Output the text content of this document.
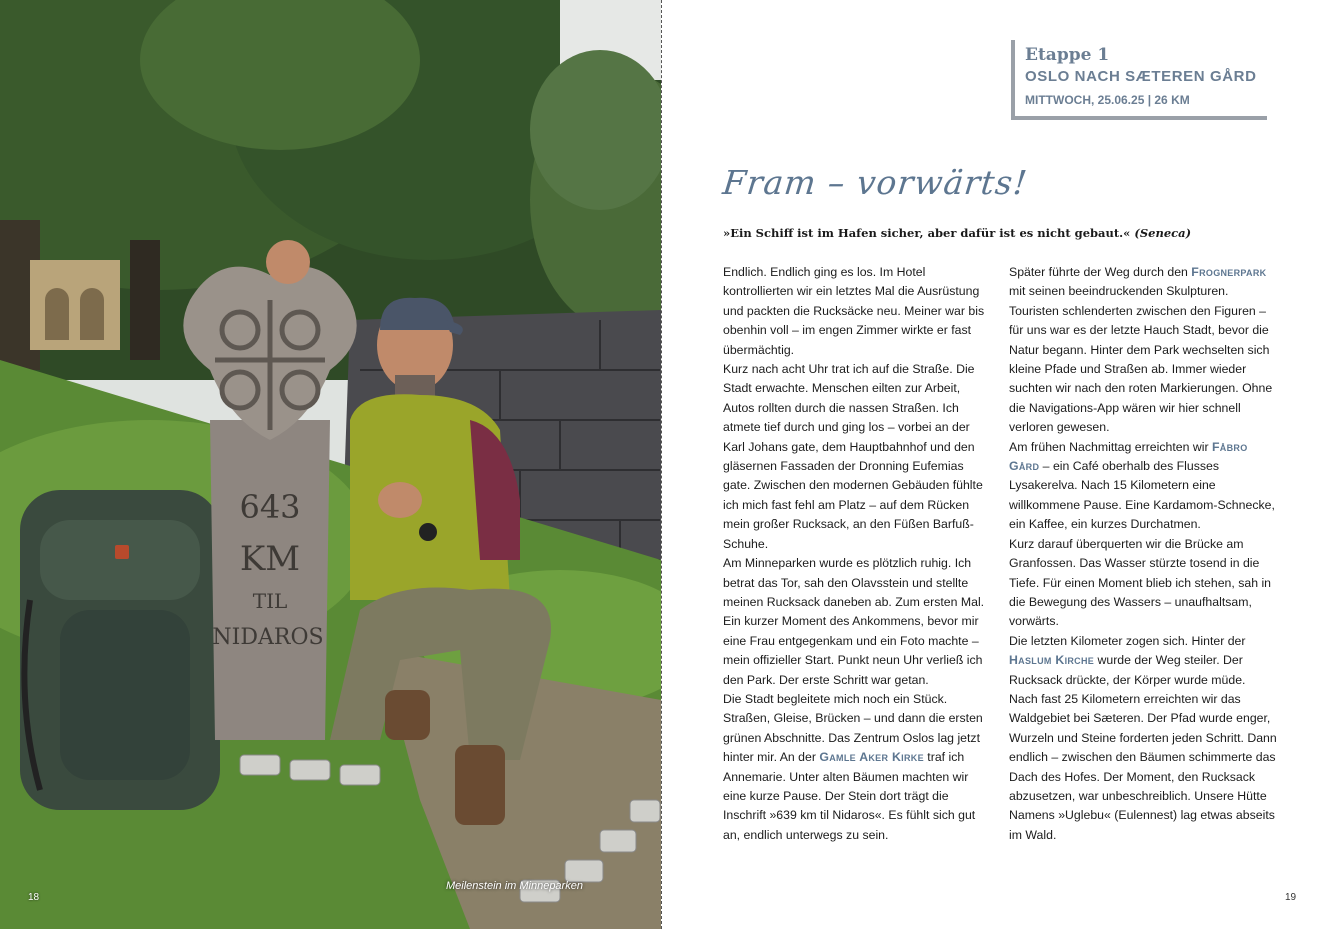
643
KM
TIL
NIDAROS
Meilenstein im Minneparken
18
Etappe 1
OSLO NACH SÆTEREN GÅRD
MITTWOCH, 25.06.25 | 26 KM
Fram – vorwärts!
»Ein Schiff ist im Hafen sicher, aber dafür ist es nicht gebaut.« (Seneca)

Endlich. Endlich ging es los. Im Hotel kontrollierten wir ein letztes Mal die Ausrüstung und packten die Rucksäcke neu. Meiner war bis obenhin voll – im engen Zimmer wirkte er fast übermächtig.

Kurz nach acht Uhr trat ich auf die Straße. Die Stadt erwachte. Menschen eilten zur Arbeit, Autos rollten durch die nassen Straßen. Ich atmete tief durch und ging los – vorbei an der Karl Johans gate, dem Hauptbahnhof und den gläsernen Fassaden der Dronning Eufemias gate. Zwischen den modernen Gebäuden fühlte ich mich fast fehl am Platz – auf dem Rücken mein großer Rucksack, an den Füßen Barfuß-Schuhe.

Am Minneparken wurde es plötzlich ruhig. Ich betrat das Tor, sah den Olavsstein und stellte meinen Rucksack daneben ab. Zum ersten Mal. Ein kurzer Moment des Ankommens, bevor mir eine Frau entgegenkam und ein Foto machte – mein offizieller Start. Punkt neun Uhr verließ ich den Park. Der erste Schritt war getan.

Die Stadt begleitete mich noch ein Stück. Straßen, Gleise, Brücken – und dann die ersten grünen Abschnitte. Das Zentrum Oslos lag jetzt hinter mir. An der Gamle Aker Kirke traf ich Annemarie. Unter alten Bäumen machten wir eine kurze Pause. Der Stein dort trägt die Inschrift »639 km til Nidaros«. Es fühlt sich gut an, endlich unterwegs zu sein.

Später führte der Weg durch den Frognerpark mit seinen beeindruckenden Skulpturen. Touristen schlenderten zwischen den Figuren – für uns war es der letzte Hauch Stadt, bevor die Natur begann. Hinter dem Park wechselten sich kleine Pfade und Straßen ab. Immer wieder suchten wir nach den roten Markierungen. Ohne die Navigations-App wären wir hier schnell verloren gewesen.

Am frühen Nachmittag erreichten wir Fåbro Gård – ein Café oberhalb des Flusses Lysakerelva. Nach 15 Kilometern eine willkommene Pause. Eine Kardamom-Schnecke, ein Kaffee, ein kurzes Durchatmen.

Kurz darauf überquerten wir die Brücke am Granfossen. Das Wasser stürzte tosend in die Tiefe. Für einen Moment blieb ich stehen, sah in die Bewegung des Wassers – unaufhaltsam, vorwärts.

Die letzten Kilometer zogen sich. Hinter der Haslum Kirche wurde der Weg steiler. Der Rucksack drückte, der Körper wurde müde. Nach fast 25 Kilometern erreichten wir das Waldgebiet bei Sæteren. Der Pfad wurde enger, Wurzeln und Steine forderten jeden Schritt. Dann endlich – zwischen den Bäumen schimmerte das Dach des Hofes. Der Moment, den Rucksack abzusetzen, war unbeschreiblich. Unsere Hütte Namens »Uglebu« (Eulennest) lag etwas abseits im Wald.

19
